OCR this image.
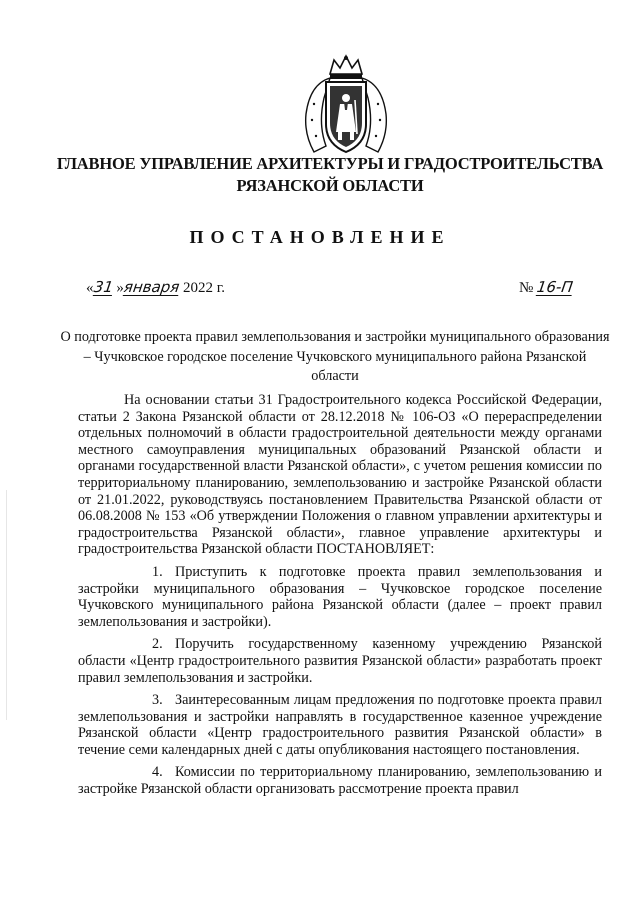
ГЛАВНОЕ УПРАВЛЕНИЕ АРХИТЕКТУРЫ И ГРАДОСТРОИТЕЛЬСТВА
РЯЗАНСКОЙ ОБЛАСТИ
ПОСТАНОВЛЕНИЕ
«31 »января 2022 г.	№ 16-П
О подготовке проекта правил землепользования и застройки муниципального образования – Чучковское городское поселение Чучковского муниципального района Рязанской области

На основании статьи 31 Градостроительного кодекса Российской Федерации, статьи 2 Закона Рязанской области от 28.12.2018 № 106-ОЗ «О перераспределении отдельных полномочий в области градостроительной деятельности между органами местного самоуправления муниципальных образований Рязанской области и органами государственной власти Рязанской области», с учетом решения комиссии по территориальному планированию, землепользованию и застройке Рязанской области от 21.01.2022, руководствуясь постановлением Правительства Рязанской области от 06.08.2008 № 153 «Об утверждении Положения о главном управлении архитектуры и градостроительства Рязанской области», главное управление архитектуры и градостроительства Рязанской области ПОСТАНОВЛЯЕТ:

1. Приступить к подготовке проекта правил землепользования и застройки муниципального образования – Чучковское городское поселение Чучковского муниципального района Рязанской области (далее – проект правил землепользования и застройки).

2. Поручить государственному казенному учреждению Рязанской области «Центр градостроительного развития Рязанской области» разработать проект правил землепользования и застройки.

3. Заинтересованным лицам предложения по подготовке проекта правил землепользования и застройки направлять в государственное казенное учреждение Рязанской области «Центр градостроительного развития Рязанской области» в течение семи календарных дней с даты опубликования настоящего постановления.

4. Комиссии по территориальному планированию, землепользованию и застройке Рязанской области организовать рассмотрение проекта правил
